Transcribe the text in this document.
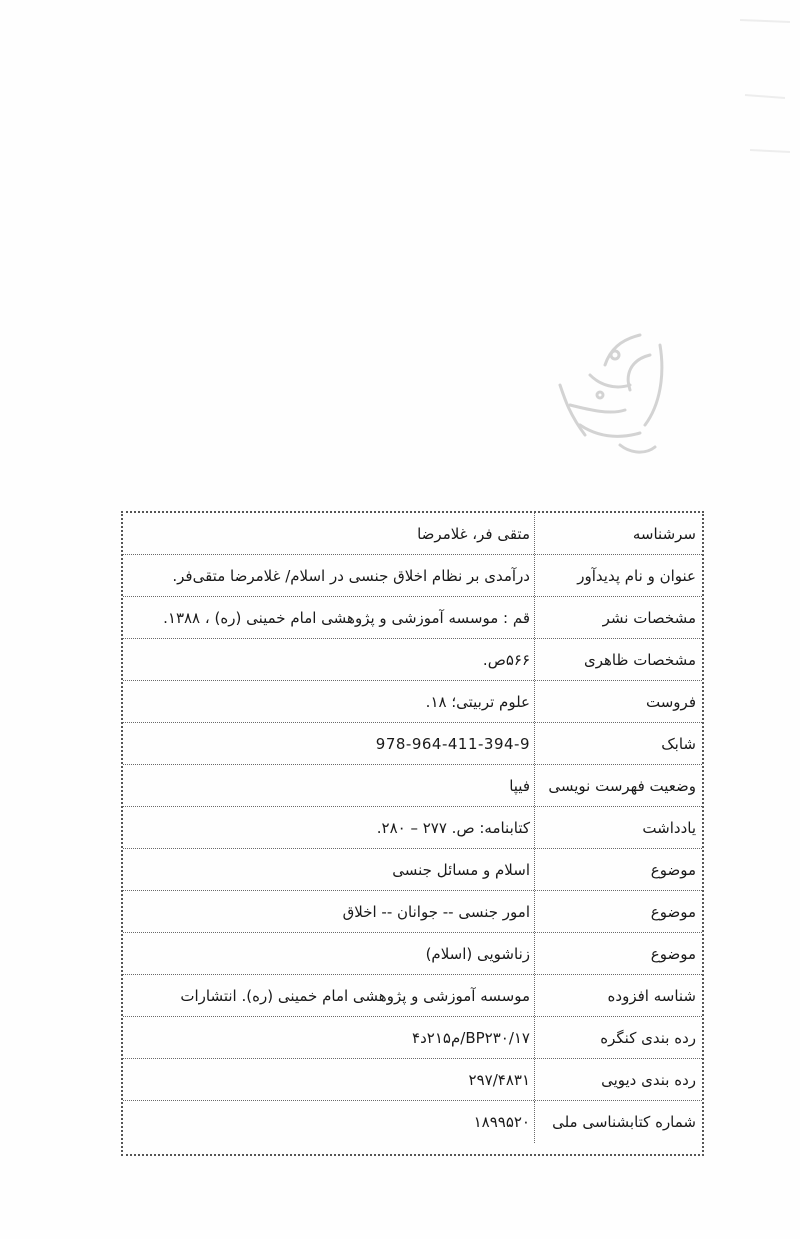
سرشناسه
متقی فر، غلامرضا
عنوان و نام پدیدآور
درآمدی بر نظام اخلاق جنسی در اسلام/ غلامرضا متقی‌فر.
مشخصات نشر
قم : موسسه آموزشی و پژوهشی امام خمینی (ره) ، ۱۳۸۸.
مشخصات ظاهری
۵۶۶ص.
فروست
علوم تربیتی؛ ۱۸.
شابک
978-964-411-394-9
وضعیت فهرست نویسی
فیپا
یادداشت
کتابنامه: ص. ۲۷۷ – ۲۸۰.
موضوع
اسلام و مسائل جنسی
موضوع
امور جنسی -- جوانان -- اخلاق
موضوع
زناشویی (اسلام)
شناسه افزوده
موسسه آموزشی و پژوهشی امام خمینی (ره). انتشارات
رده بندی کنگره
BP۲۳۰/۱۷/م۲۱۵د۴
رده بندی دیویی
۲۹۷/۴۸۳۱
شماره کتابشناسی ملی
۱۸۹۹۵۲۰
